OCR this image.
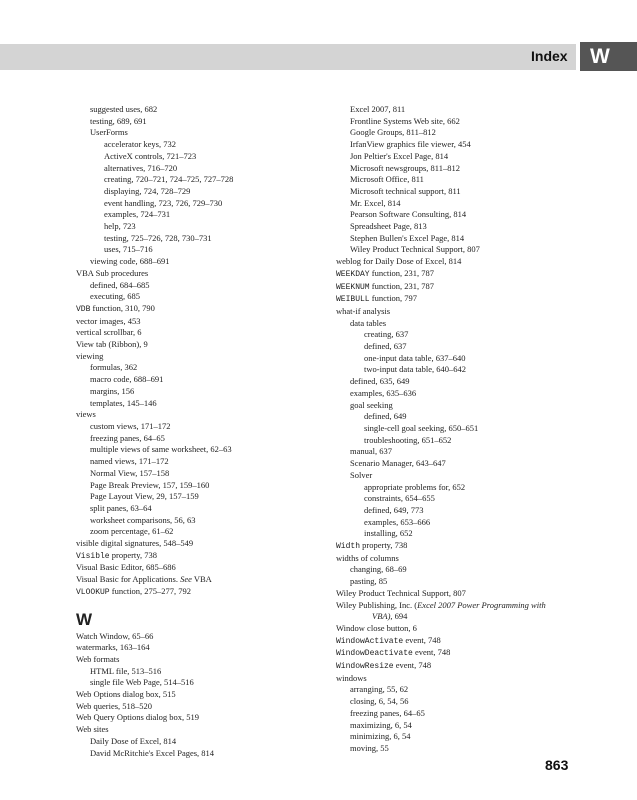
Index	W
suggested uses, 682
testing, 689, 691
UserForms
accelerator keys, 732
ActiveX controls, 721–723
alternatives, 716–720
creating, 720–721, 724–725, 727–728
displaying, 724, 728–729
event handling, 723, 726, 729–730
examples, 724–731
help, 723
testing, 725–726, 728, 730–731
uses, 715–716
viewing code, 688–691
VBA Sub procedures
defined, 684–685
executing, 685
VDB function, 310, 790
vector images, 453
vertical scrollbar, 6
View tab (Ribbon), 9
viewing
formulas, 362
macro code, 688–691
margins, 156
templates, 145–146
views
custom views, 171–172
freezing panes, 64–65
multiple views of same worksheet, 62–63
named views, 171–172
Normal View, 157–158
Page Break Preview, 157, 159–160
Page Layout View, 29, 157–159
split panes, 63–64
worksheet comparisons, 56, 63
zoom percentage, 61–62
visible digital signatures, 548–549
Visible property, 738
Visual Basic Editor, 685–686
Visual Basic for Applications. See VBA
VLOOKUP function, 275–277, 792
W
Watch Window, 65–66
watermarks, 163–164
Web formats
HTML file, 513–516
single file Web Page, 514–516
Web Options dialog box, 515
Web queries, 518–520
Web Query Options dialog box, 519
Web sites
Daily Dose of Excel, 814
David McRitchie's Excel Pages, 814
Excel 2007, 811
Frontline Systems Web site, 662
Google Groups, 811–812
IrfanView graphics file viewer, 454
Jon Peltier's Excel Page, 814
Microsoft newsgroups, 811–812
Microsoft Office, 811
Microsoft technical support, 811
Mr. Excel, 814
Pearson Software Consulting, 814
Spreadsheet Page, 813
Stephen Bullen's Excel Page, 814
Wiley Product Technical Support, 807
weblog for Daily Dose of Excel, 814
WEEKDAY function, 231, 787
WEEKNUM function, 231, 787
WEIBULL function, 797
what-if analysis
data tables
creating, 637
defined, 637
one-input data table, 637–640
two-input data table, 640–642
defined, 635, 649
examples, 635–636
goal seeking
defined, 649
single-cell goal seeking, 650–651
troubleshooting, 651–652
manual, 637
Scenario Manager, 643–647
Solver
appropriate problems for, 652
constraints, 654–655
defined, 649, 773
examples, 653–666
installing, 652
Width property, 738
widths of columns
changing, 68–69
pasting, 85
Wiley Product Technical Support, 807
Wiley Publishing, Inc. (Excel 2007 Power Programming with
VBA), 694
Window close button, 6
WindowActivate event, 748
WindowDeactivate event, 748
WindowResize event, 748
windows
arranging, 55, 62
closing, 6, 54, 56
freezing panes, 64–65
maximizing, 6, 54
minimizing, 6, 54
moving, 55
863
